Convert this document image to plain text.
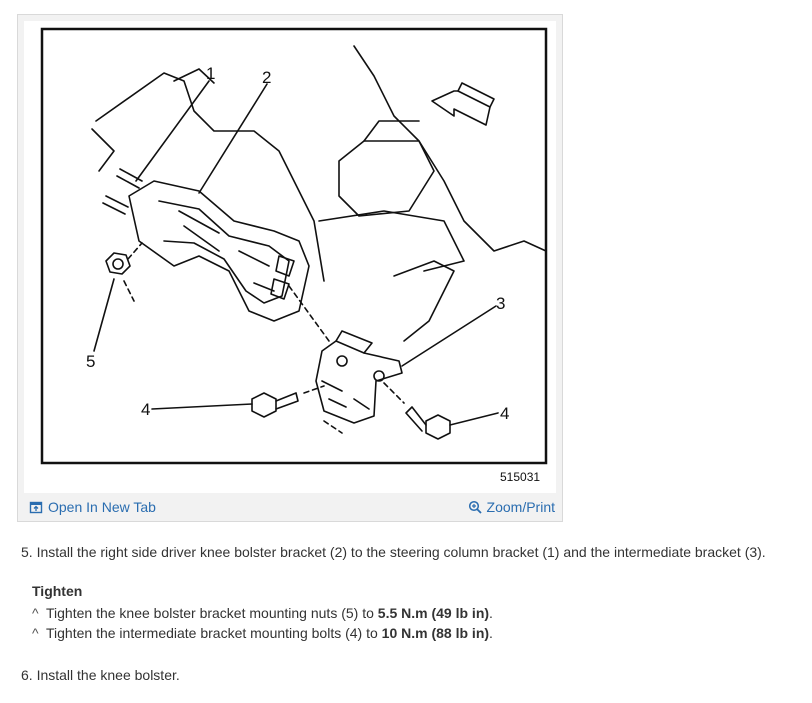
1	2
3
4	4
5
515031
Open In New Tab	Zoom/Print

5. Install the right side driver knee bolster bracket (2) to the steering column bracket (1) and the intermediate bracket (3).

Tighten

^ Tighten the knee bolster bracket mounting nuts (5) to 5.5 N.m (49 lb in).

^ Tighten the intermediate bracket mounting bolts (4) to 10 N.m (88 lb in).

6. Install the knee bolster.
